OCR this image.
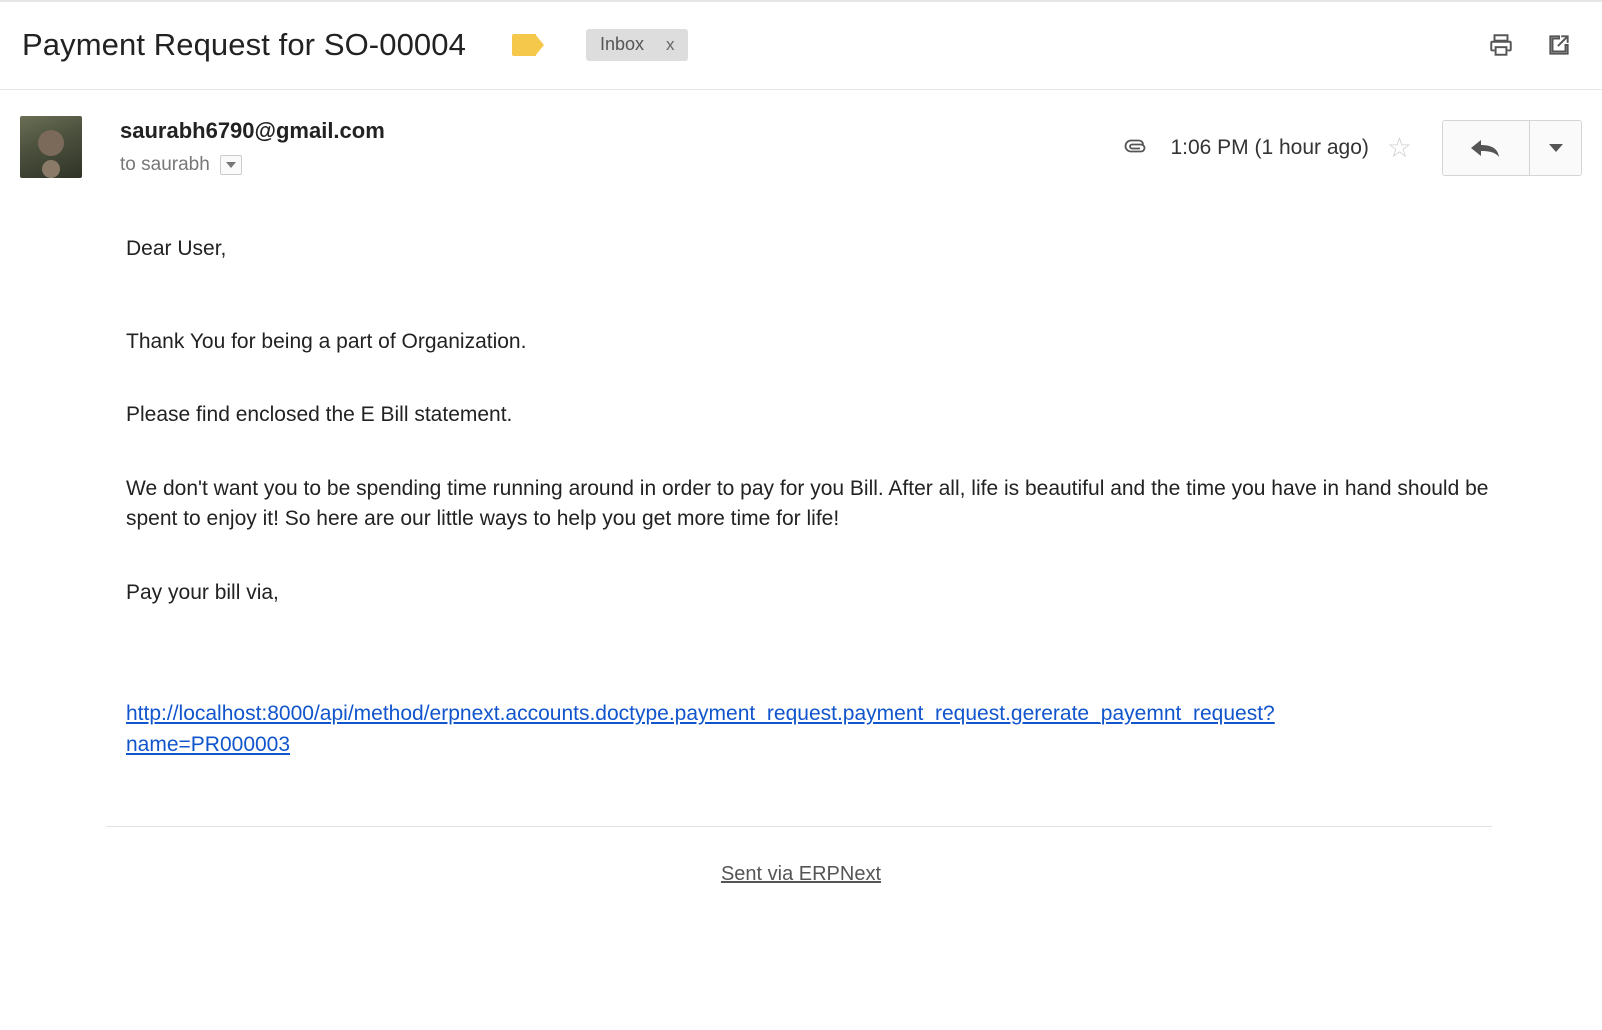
Payment Request for SO-00004	Inbox x
saurabh6790@gmail.com
to saurabh
1:06 PM (1 hour ago) ☆
Dear User,
Thank You for being a part of Organization.
Please find enclosed the E Bill statement.
We don't want you to be spending time running around in order to pay for you Bill. After all, life is beautiful and the time you have in hand should be spent to enjoy it! So here are our little ways to help you get more time for life!
Pay your bill via,
http://localhost:8000/api/method/erpnext.accounts.doctype.payment_request.payment_request.gererate_payemnt_request?name=PR000003
Sent via ERPNext
